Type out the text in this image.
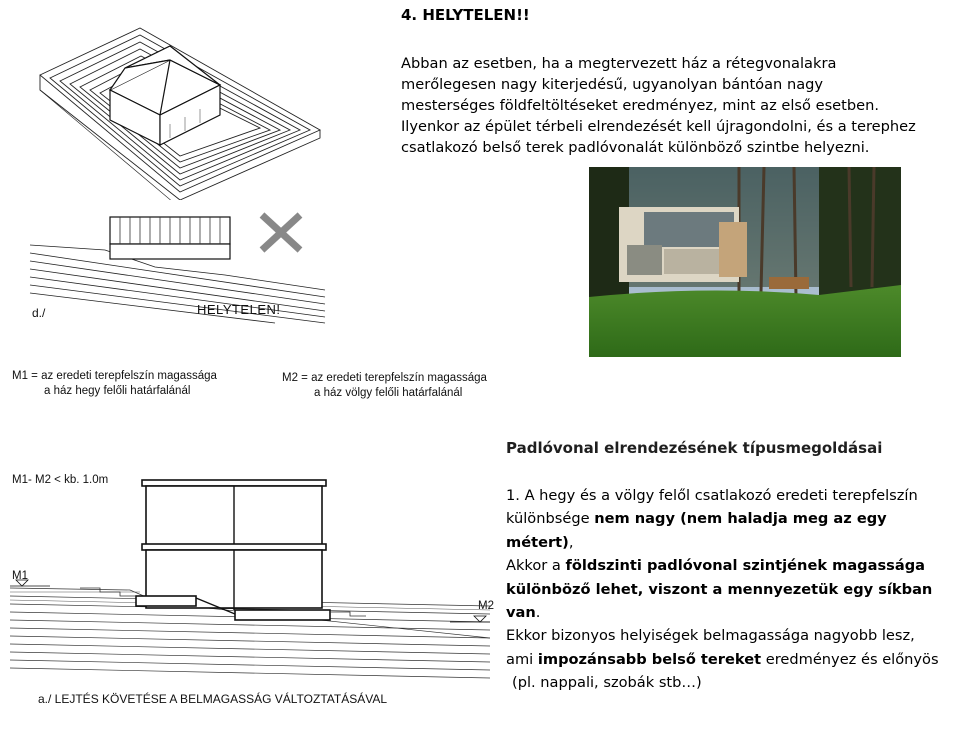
4. HELYTELEN!!
Abban az esetben, ha a megtervezett ház a rétegvonalakra
merőlegesen nagy kiterjedésű, ugyanolyan bántóan nagy
mesterséges földfeltöltéseket eredményez, mint az első esetben.
Ilyenkor az épület térbeli elrendezését kell újragondolni, és a terephez
csatlakozó belső terek padlóvonalát különböző szintbe helyezni.
d./	HELYTELEN!
M1 = az eredeti terepfelszín magassága
a ház hegy felőli határfalánál
M2 = az eredeti terepfelszín magassága
a ház völgy felőli határfalánál
Padlóvonal elrendezésének típusmegoldásai
M1- M2 < kb. 1.0m
M1
M2
a./ LEJTÉS KÖVETÉSE A BELMAGASSÁG VÁLTOZTATÁSÁVAL
1. A hegy és a völgy felől csatlakozó eredeti terepfelszín
különbsége nem nagy (nem haladja meg az egy métert),
Akkor a földszinti padlóvonal szintjének magassága
különböző lehet, viszont a mennyezetük egy síkban van.
Ekkor bizonyos helyiségek belmagassága nagyobb lesz,
ami impozánsabb belső tereket eredményez és előnyös
(pl. nappali, szobák stb…)
